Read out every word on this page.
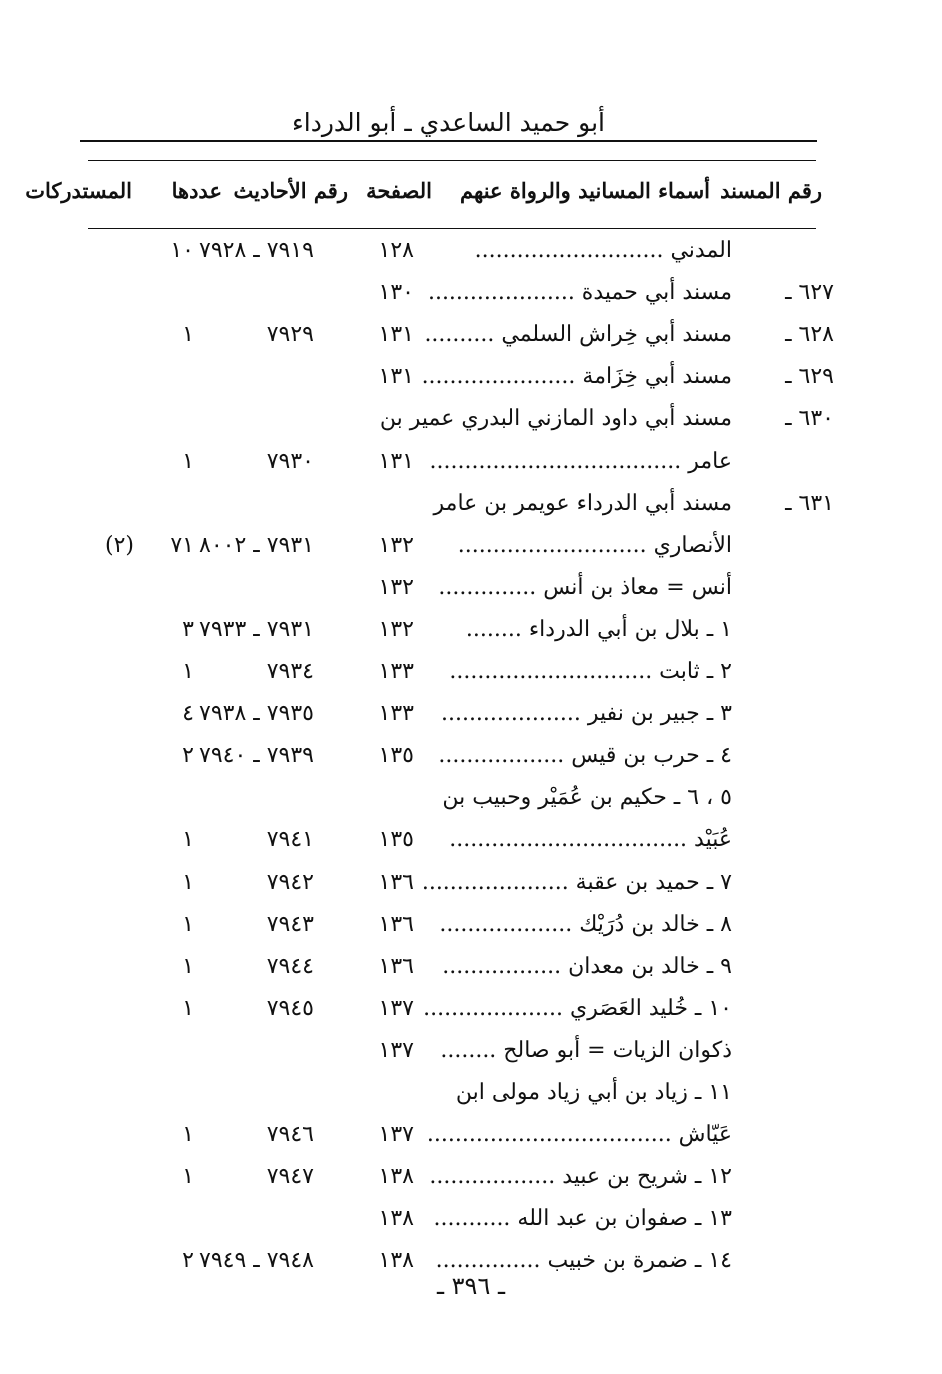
أبو حميد الساعدي ـ أبو الدرداء
رقم المسند
أسماء المسانيد والرواة عنهم
الصفحة
رقم الأحاديث
عددها
المستدركات
المدني ...........................
١٢٨
٧٩١٩ ـ ٧٩٢٨
١٠
٦٢٧ ـ
مسند أبي حميدة .....................
١٣٠
٦٢٨ ـ
مسند أبي خِراش السلمي ..........
١٣١
٧٩٢٩
١
٦٢٩ ـ
مسند أبي خِزَامة ......................
١٣١
٦٣٠ ـ
مسند أبي داود المازني البدري عمير بن
عامر ....................................
١٣١
٧٩٣٠
١
٦٣١ ـ
مسند أبي الدرداء عويمر بن عامر
الأنصاري ...........................
١٣٢
٧٩٣١ ـ ٨٠٠٢
٧١
(٢)
أنس = معاذ بن أنس ..............
١٣٢
١ ـ بلال بن أبي الدرداء ........
١٣٢
٧٩٣١ ـ ٧٩٣٣
٣
٢ ـ ثابت .............................
١٣٣
٧٩٣٤
١
٣ ـ جبير بن نفير ....................
١٣٣
٧٩٣٥ ـ ٧٩٣٨
٤
٤ ـ حرب بن قيس ..................
١٣٥
٧٩٣٩ ـ ٧٩٤٠
٢
٥ ، ٦ ـ حكيم بن عُمَيْر وحبيب بن
عُبَيْد ..................................
١٣٥
٧٩٤١
١
٧ ـ حميد بن عقبة .....................
١٣٦
٧٩٤٢
١
٨ ـ خالد بن دُرَيْك ...................
١٣٦
٧٩٤٣
١
٩ ـ خالد بن معدان .................
١٣٦
٧٩٤٤
١
١٠ ـ خُليد العَصَري ....................
١٣٧
٧٩٤٥
١
ذكوان الزيات = أبو صالح ........
١٣٧
١١ ـ زياد بن أبي زياد مولى ابن
عَيّاش ...................................
١٣٧
٧٩٤٦
١
١٢ ـ شريح بن عبيد ..................
١٣٨
٧٩٤٧
١
١٣ ـ صفوان بن عبد الله ...........
١٣٨
١٤ ـ ضمرة بن خبيب ...............
١٣٨
٧٩٤٨ ـ ٧٩٤٩
٢
ـ ٣٩٦ ـ
